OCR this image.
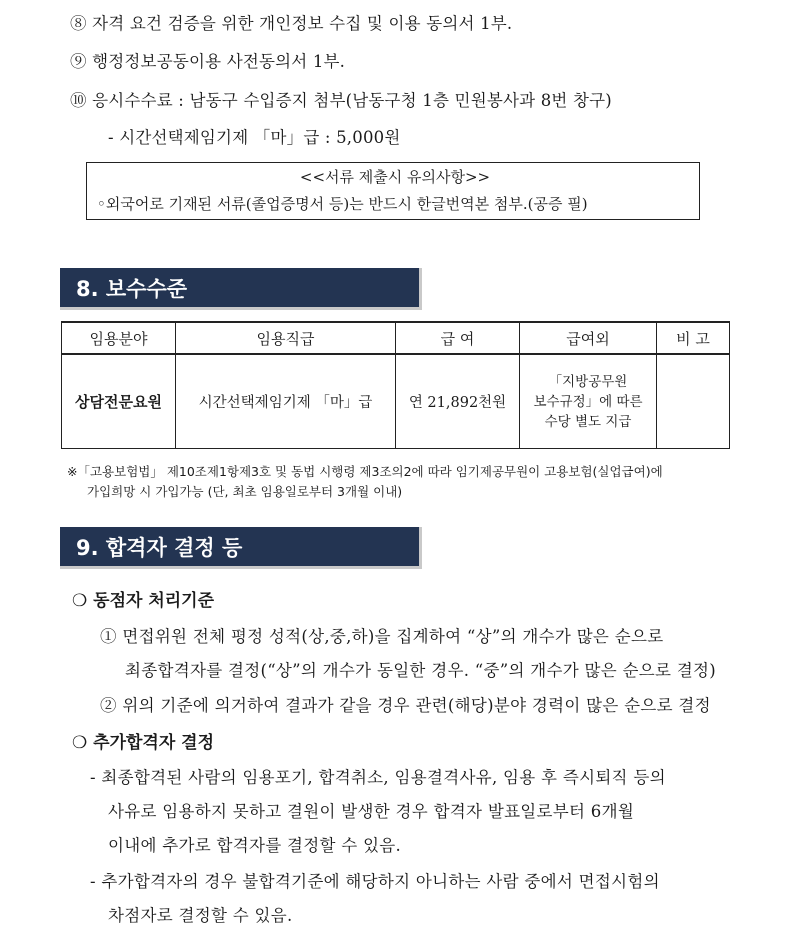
⑧ 자격 요건 검증을 위한 개인정보 수집 및 이용 동의서 1부.
⑨ 행정정보공동이용 사전동의서 1부.
⑩ 응시수수료 : 남동구 수입증지 첨부(남동구청 1층 민원봉사과 8번 창구)
- 시간선택제임기제 「마」급 : 5,000원
<<서류 제출시 유의사항>>
◦외국어로 기재된 서류(졸업증명서 등)는 반드시 한글번역본 첨부.(공증 필)
8. 보수수준
임용분야	임용직급	급 여	급여외	비 고
상담전문요원	시간선택제임기제 「마」급	연 21,892천원	「지방공무원
보수규정」에 따른
수당 별도 지급	

※「고용보험법」 제10조제1항제3호 및 동법 시행령 제3조의2에 따라 임기제공무원이 고용보험(실업급여)에
가입희망 시 가입가능 (단, 최초 임용일로부터 3개월 이내)
9. 합격자 결정 등
❍ 동점자 처리기준
① 면접위원 전체 평정 성적(상,중,하)을 집계하여 “상”의 개수가 많은 순으로
최종합격자를 결정(“상”의 개수가 동일한 경우. “중”의 개수가 많은 순으로 결정)
② 위의 기준에 의거하여 결과가 같을 경우 관련(해당)분야 경력이 많은 순으로 결정
❍ 추가합격자 결정
- 최종합격된 사람의 임용포기, 합격취소, 임용결격사유, 임용 후 즉시퇴직 등의
사유로 임용하지 못하고 결원이 발생한 경우 합격자 발표일로부터 6개월
이내에 추가로 합격자를 결정할 수 있음.
- 추가합격자의 경우 불합격기준에 해당하지 아니하는 사람 중에서 면접시험의
차점자로 결정할 수 있음.
